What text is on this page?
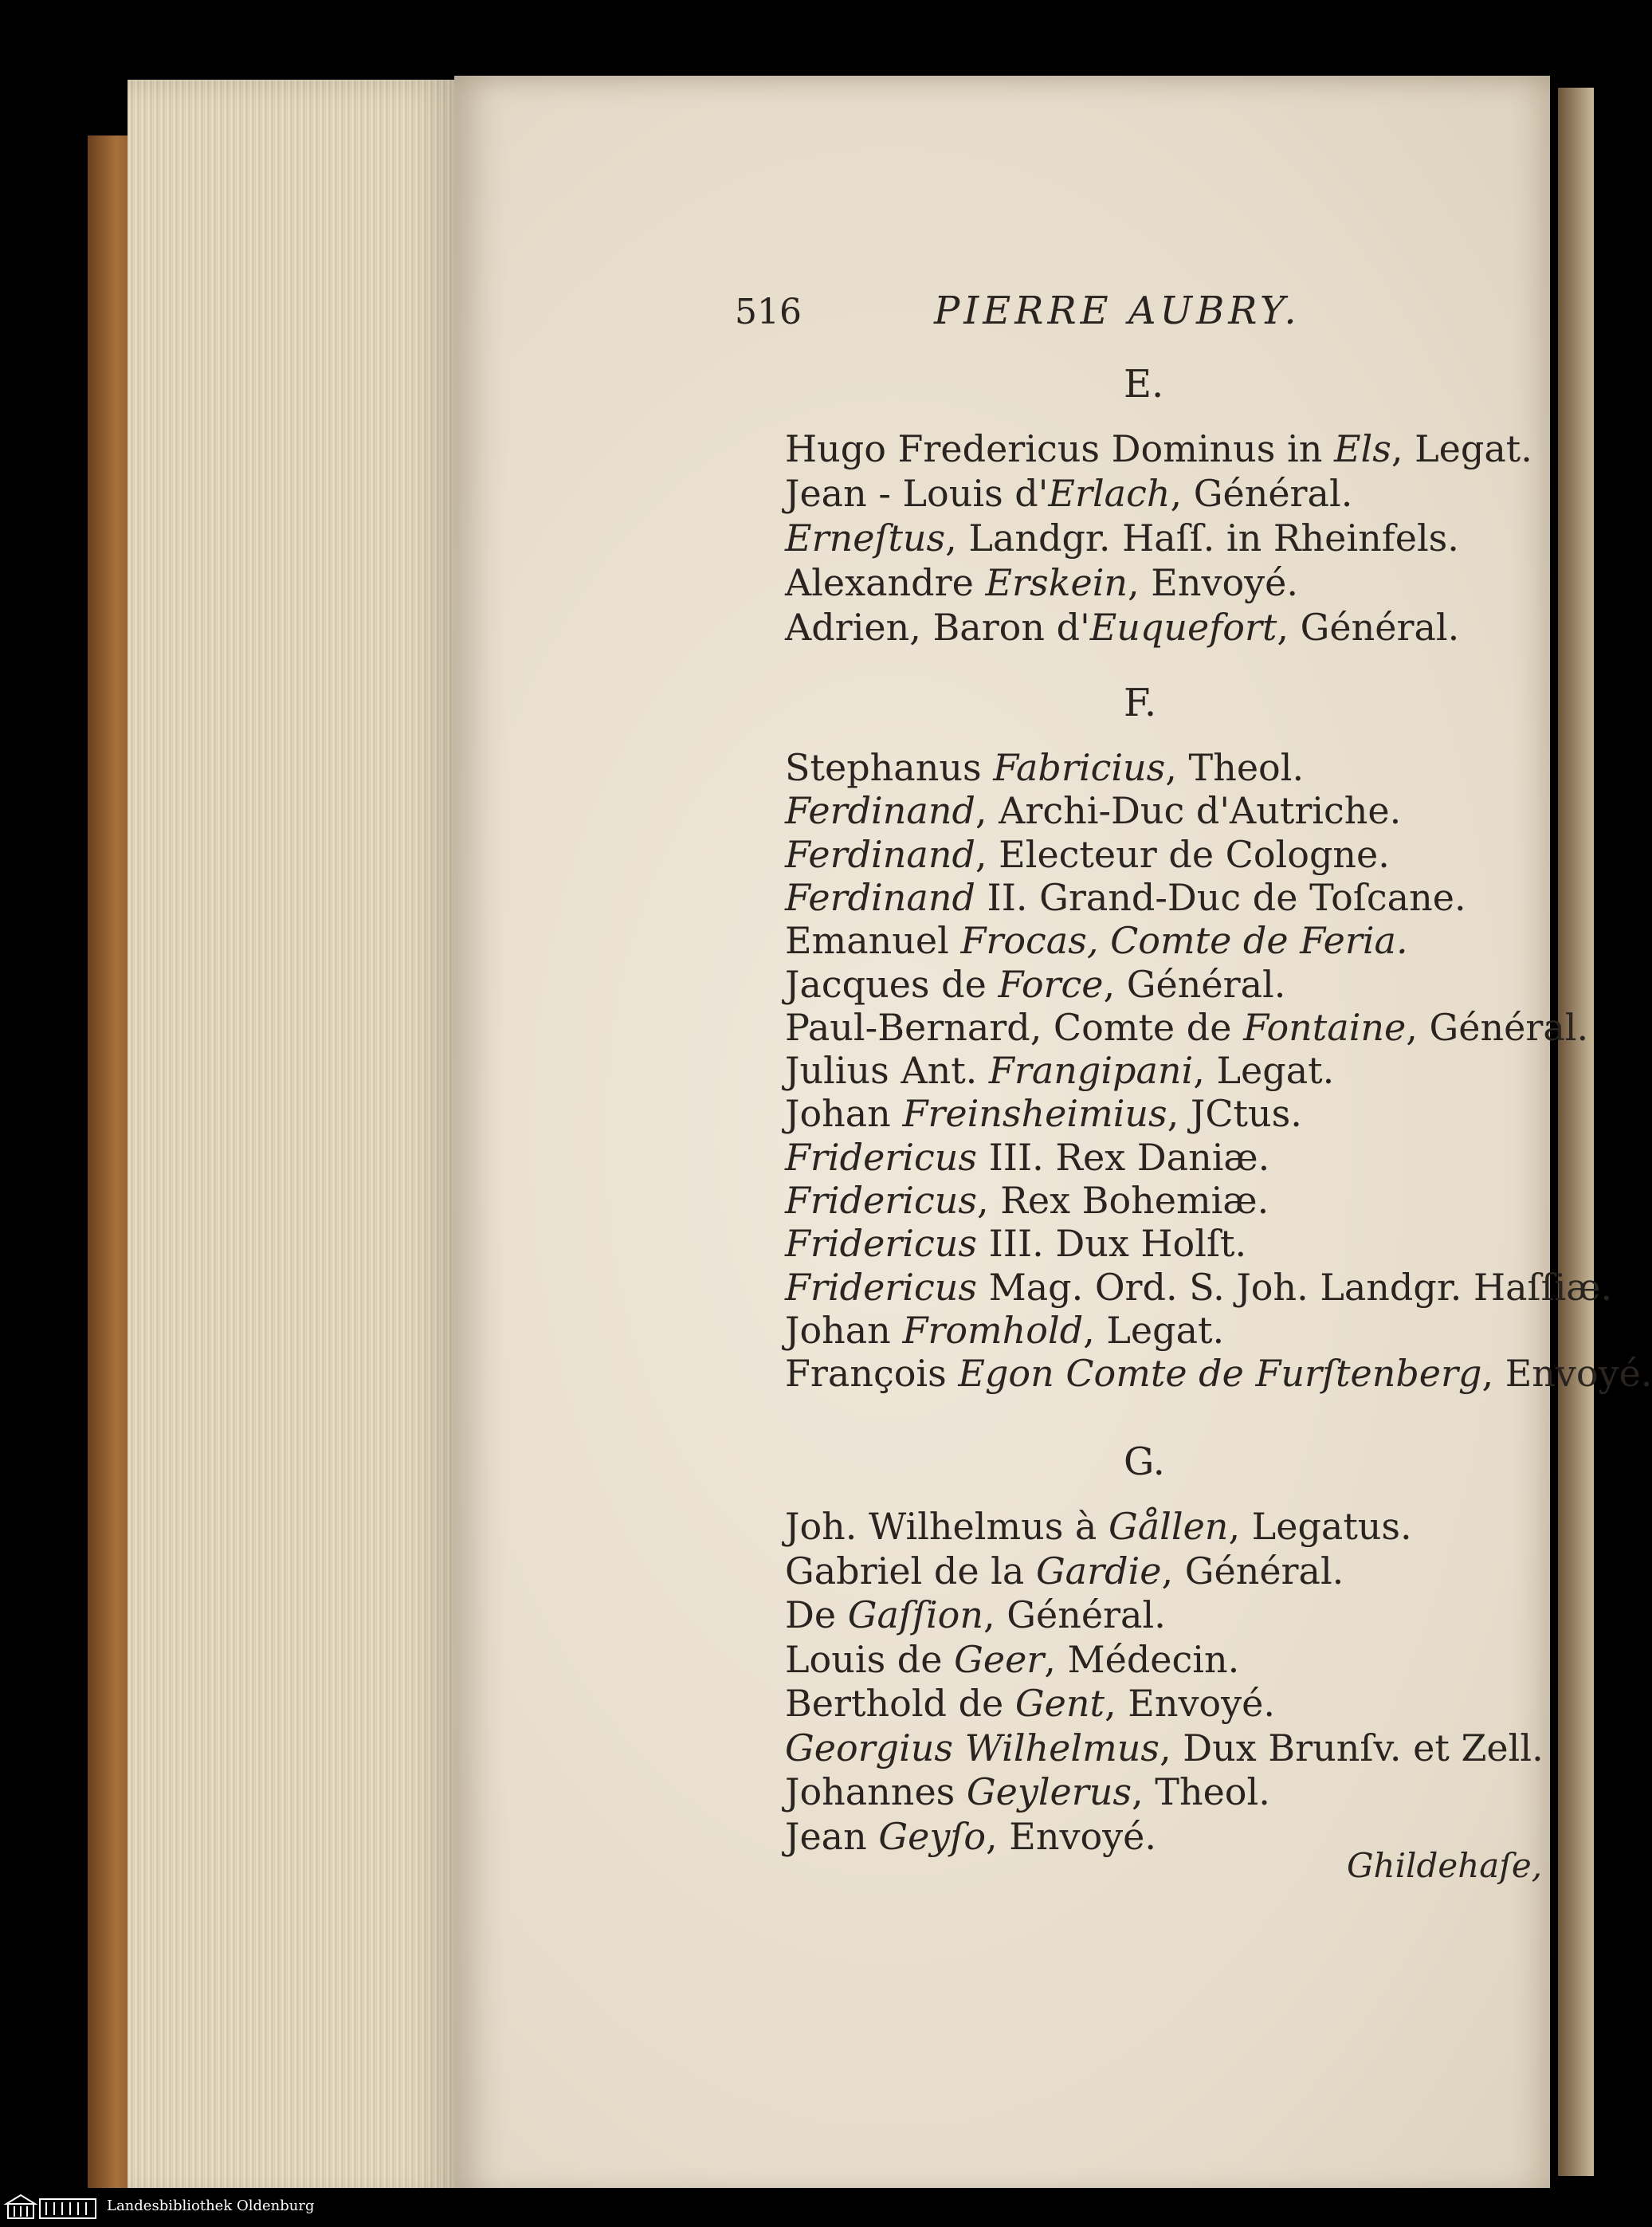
516	PIERRE AUBRY.
E.
Hugo Fredericus Dominus in Els, Legat.
Jean - Louis d'Erlach, Général.
Erneſtus, Landgr. Haſſ. in Rheinfels.
Alexandre Erskein, Envoyé.
Adrien, Baron d'Euquefort, Général.
F.
Stephanus Fabricius, Theol.
Ferdinand, Archi-Duc d'Autriche.
Ferdinand, Electeur de Cologne.
Ferdinand II. Grand-Duc de Toſcane.
Emanuel Frocas, Comte de Feria.
Jacques de Force, Général.
Paul-Bernard, Comte de Fontaine, Général.
Julius Ant. Frangipani, Legat.
Johan Freinsheimius, JCtus.
Fridericus III. Rex Daniæ.
Fridericus, Rex Bohemiæ.
Fridericus III. Dux Holſt.
Fridericus Mag. Ord. S. Joh. Landgr. Haſſiæ.
Johan Fromhold, Legat.
François Egon Comte de Furſtenberg, Envoyé.
G.
Joh. Wilhelmus à Gållen, Legatus.
Gabriel de la Gardie, Général.
De Gaſſion, Général.
Louis de Geer, Médecin.
Berthold de Gent, Envoyé.
Georgius Wilhelmus, Dux Brunſv. et Zell.
Johannes Geylerus, Theol.
Jean Geyſo, Envoyé.
Ghildehaſe,
Landesbibliothek Oldenburg
